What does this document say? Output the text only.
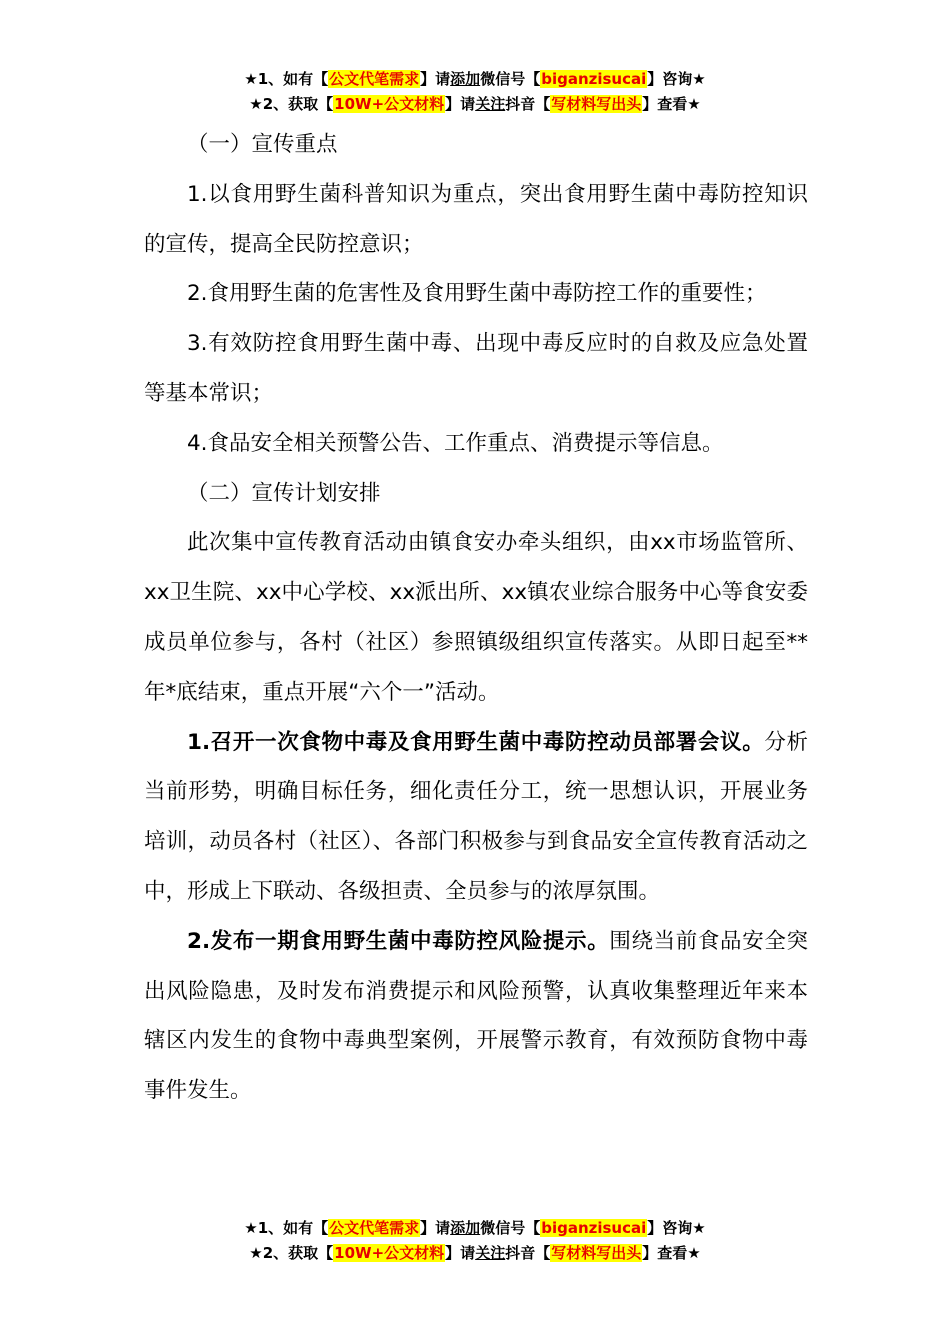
★1、如有【公文代笔需求】请添加微信号【biganzisucai】咨询★
★2、获取【10W+公文材料】请关注抖音【写材料写出头】查看★

（一）宣传重点

1.以食用野生菌科普知识为重点，突出食用野生菌中毒防控知识的宣传，提高全民防控意识；

2.食用野生菌的危害性及食用野生菌中毒防控工作的重要性；

3.有效防控食用野生菌中毒、出现中毒反应时的自救及应急处置等基本常识；

4.食品安全相关预警公告、工作重点、消费提示等信息。

（二）宣传计划安排

此次集中宣传教育活动由镇食安办牵头组织，由xx市场监管所、xx卫生院、xx中心学校、xx派出所、xx镇农业综合服务中心等食安委成员单位参与，各村（社区）参照镇级组织宣传落实。从即日起至**年*底结束，重点开展“六个一”活动。

1.召开一次食物中毒及食用野生菌中毒防控动员部署会议。分析当前形势，明确目标任务，细化责任分工，统一思想认识，开展业务培训，动员各村（社区）、各部门积极参与到食品安全宣传教育活动之中，形成上下联动、各级担责、全员参与的浓厚氛围。

2.发布一期食用野生菌中毒防控风险提示。围绕当前食品安全突出风险隐患，及时发布消费提示和风险预警，认真收集整理近年来本辖区内发生的食物中毒典型案例，开展警示教育，有效预防食物中毒事件发生。

★1、如有【公文代笔需求】请添加微信号【biganzisucai】咨询★
★2、获取【10W+公文材料】请关注抖音【写材料写出头】查看★
